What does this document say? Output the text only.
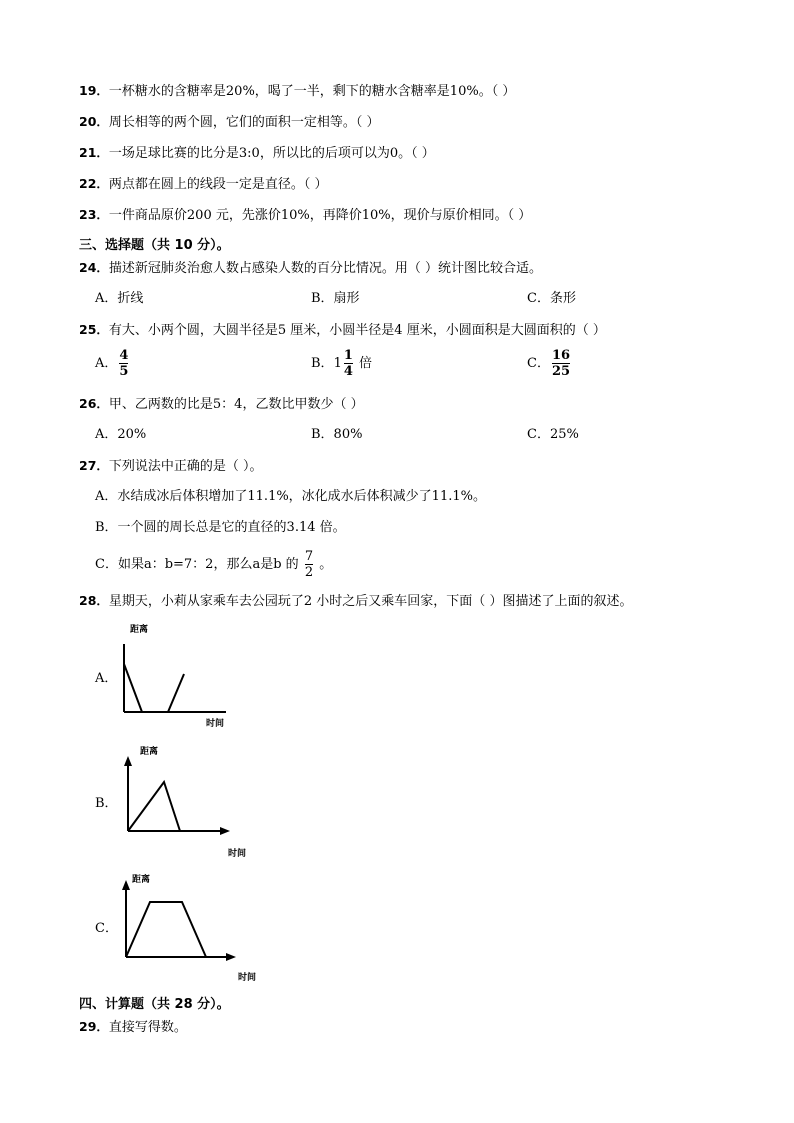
19．一杯糖水的含糖率是20%，喝了一半，剩下的糖水含糖率是10%。（ ）
20．周长相等的两个圆，它们的面积一定相等。（ ）
21．一场足球比赛的比分是3:0，所以比的后项可以为0。（ ）
22．两点都在圆上的线段一定是直径。（ ）
23．一件商品原价200 元，先涨价10%，再降价10%，现价与原价相同。（ ）
三、选择题（共 10 分）。
24．描述新冠肺炎治愈人数占感染人数的百分比情况。用（ ）统计图比较合适。
A．折线	B．扇形	C．条形
25．有大、小两个圆，大圆半径是5 厘米，小圆半径是4 厘米，小圆面积是大圆面积的（ ）
A． $\frac{4}{5}$	B．$1 \frac{1}{4}$ 倍	C． $\frac{16}{25}$
26．甲、乙两数的比是5：4，乙数比甲数少（ ）
A．20%	B．80%	C．25%
27．下列说法中正确的是（ ）。
A．水结成冰后体积增加了11.1%，冰化成水后体积减少了11.1%。
B．一个圆的周长总是它的直径的3.14 倍。
C．如果a：b=7：2，那么a是b 的 $\frac{7}{2}$ 。
28．星期天，小莉从家乘车去公园玩了2 小时之后又乘车回家，下面（ ）图描述了上面的叙述。
A．
距离
时间
B．
距离
时间
C．
距离
时间
四、计算题（共 28 分）。
29．直接写得数。
